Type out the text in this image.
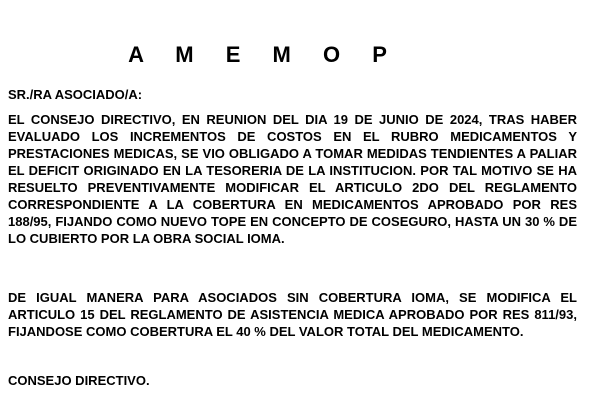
A M E M O P
SR./RA ASOCIADO/A:

EL CONSEJO DIRECTIVO, EN REUNION DEL DIA 19 DE JUNIO DE 2024, TRAS HABER EVALUADO LOS INCREMENTOS DE COSTOS EN EL RUBRO MEDICAMENTOS Y PRESTACIONES MEDICAS, SE VIO OBLIGADO A TOMAR MEDIDAS TENDIENTES A PALIAR EL DEFICIT ORIGINADO EN LA TESORERIA DE LA INSTITUCION. POR TAL MOTIVO SE HA RESUELTO PREVENTIVAMENTE MODIFICAR EL ARTICULO 2DO DEL REGLAMENTO CORRESPONDIENTE A LA COBERTURA EN MEDICAMENTOS APROBADO POR RES 188/95, FIJANDO COMO NUEVO TOPE EN CONCEPTO DE COSEGURO, HASTA UN 30 % DE LO CUBIERTO POR LA OBRA SOCIAL IOMA.

DE IGUAL MANERA PARA ASOCIADOS SIN COBERTURA IOMA, SE MODIFICA EL ARTICULO 15 DEL REGLAMENTO DE ASISTENCIA MEDICA APROBADO POR RES 811/93, FIJANDOSE COMO COBERTURA EL 40 % DEL VALOR TOTAL DEL MEDICAMENTO.

CONSEJO DIRECTIVO.
